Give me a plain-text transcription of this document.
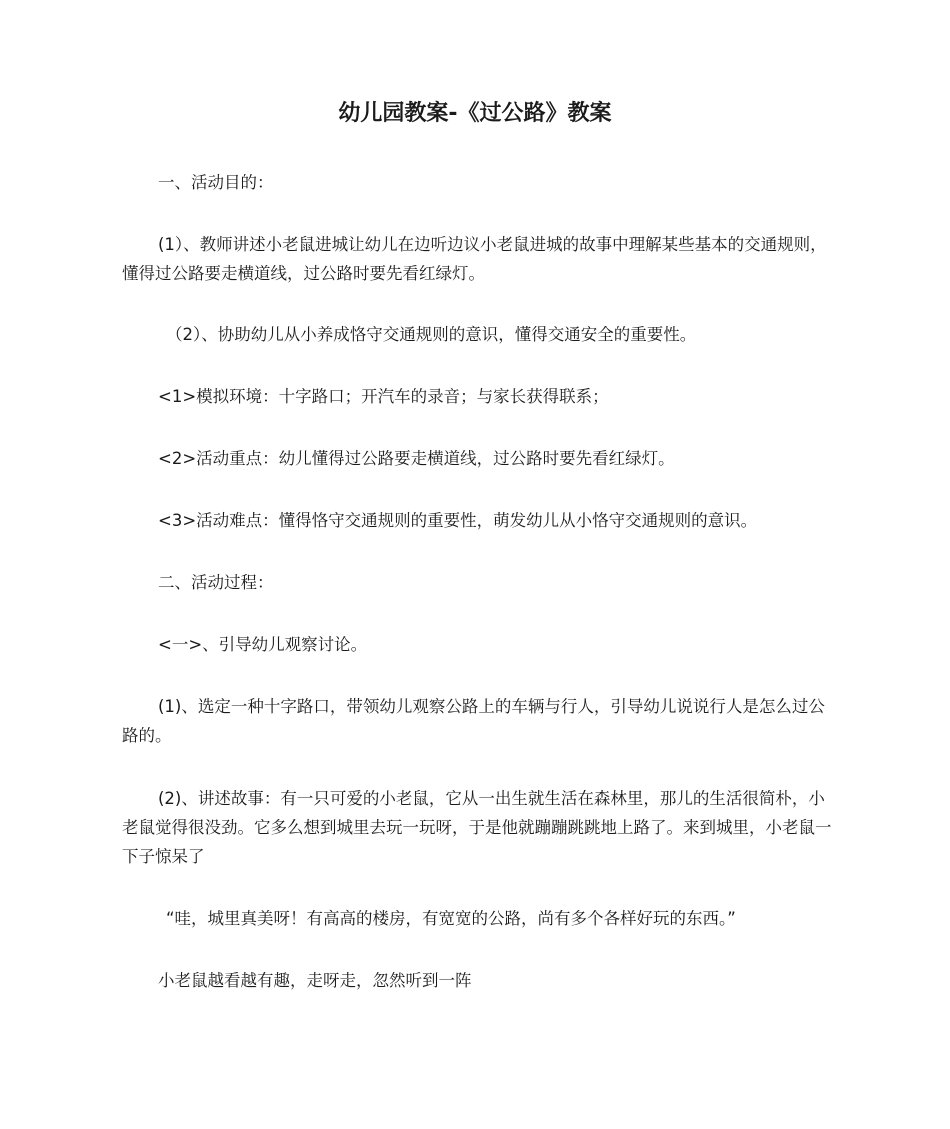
幼儿园教案-《过公路》教案

一、活动目的：

(1）、教师讲述小老鼠进城让幼儿在边听边议小老鼠进城的故事中理解某些基本的交通规则，懂得过公路要走横道线，过公路时要先看红绿灯。

（2）、协助幼儿从小养成恪守交通规则的意识，懂得交通安全的重要性。

<1>模拟环境：十字路口；开汽车的录音；与家长获得联系；

<2>活动重点：幼儿懂得过公路要走横道线，过公路时要先看红绿灯。

<3>活动难点：懂得恪守交通规则的重要性，萌发幼儿从小恪守交通规则的意识。

二、活动过程：

<一>、引导幼儿观察讨论。

(1)、选定一种十字路口，带领幼儿观察公路上的车辆与行人，引导幼儿说说行人是怎么过公路的。

(2)、讲述故事：有一只可爱的小老鼠，它从一出生就生活在森林里，那儿的生活很简朴，小老鼠觉得很没劲。它多么想到城里去玩一玩呀，于是他就蹦蹦跳跳地上路了。来到城里，小老鼠一下子惊呆了

“哇，城里真美呀！有高高的楼房，有宽宽的公路，尚有多个各样好玩的东西。”

小老鼠越看越有趣，走呀走，忽然听到一阵
